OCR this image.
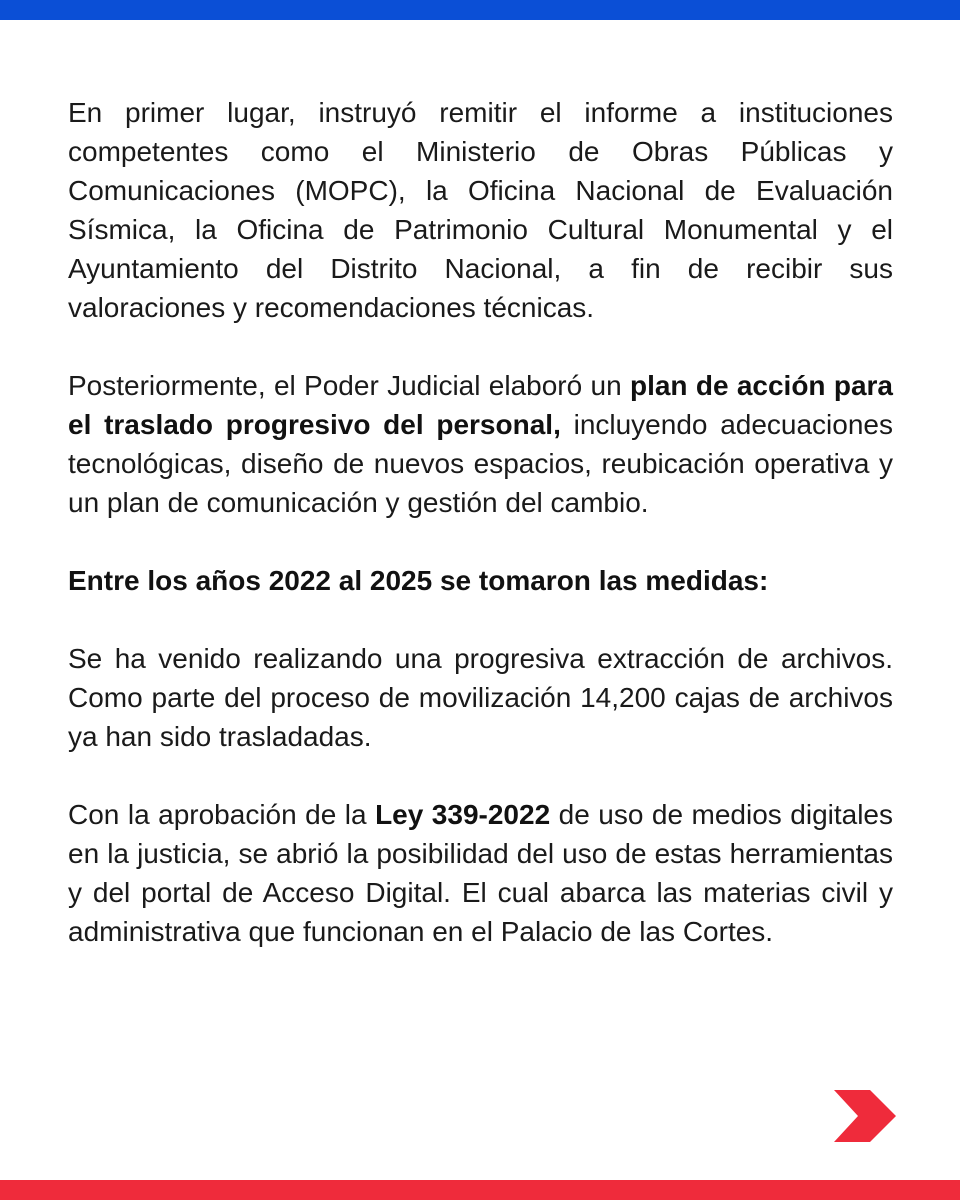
En primer lugar, instruyó remitir el informe a instituciones competentes como el Ministerio de Obras Públicas y Comunicaciones (MOPC), la Oficina Nacional de Evaluación Sísmica, la Oficina de Patrimonio Cultural Monumental y el Ayuntamiento del Distrito Nacional, a fin de recibir sus valoraciones y recomendaciones técnicas.

Posteriormente, el Poder Judicial elaboró un plan de acción para el traslado progresivo del personal, incluyendo adecuaciones tecnológicas, diseño de nuevos espacios, reubicación operativa y un plan de comunicación y gestión del cambio.

Entre los años 2022 al 2025 se tomaron las medidas:

Se ha venido realizando una progresiva extracción de archivos. Como parte del proceso de movilización 14,200 cajas de archivos ya han sido trasladadas.

Con la aprobación de la Ley 339-2022 de uso de medios digitales en la justicia, se abrió la posibilidad del uso de estas herramientas y del portal de Acceso Digital. El cual abarca las materias civil y administrativa que funcionan en el Palacio de las Cortes.
